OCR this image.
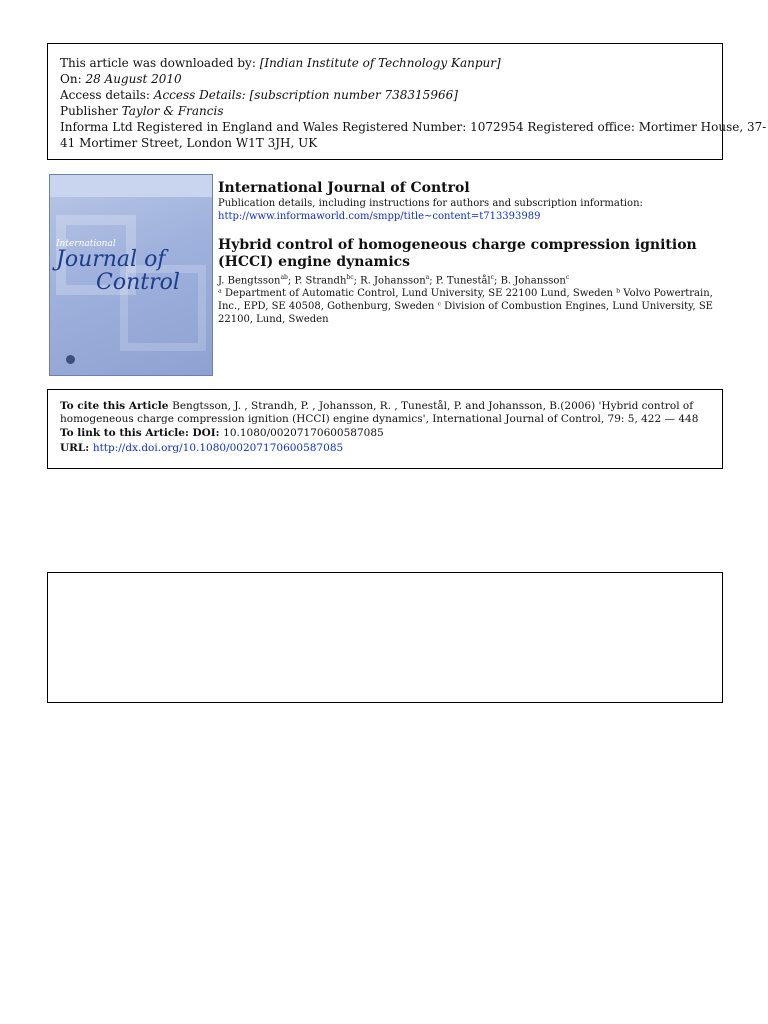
This article was downloaded by: [Indian Institute of Technology Kanpur]
On: 28 August 2010
Access details: Access Details: [subscription number 738315966]
Publisher Taylor & Francis
Informa Ltd Registered in England and Wales Registered Number: 1072954 Registered office: Mortimer House, 37-
41 Mortimer Street, London W1T 3JH, UK
International
Journal of
Control
International Journal of Control
Publication details, including instructions for authors and subscription information:
http://www.informaworld.com/smpp/title~content=t713393989
Hybrid control of homogeneous charge compression ignition (HCCI) engine dynamics
J. Bengtsson$^{ab}$; P. Strandh$^{bc}$; R. Johansson$^a$; P. Tunestål$^c$; B. Johansson$^c$
ᵃ Department of Automatic Control, Lund University, SE 22100 Lund, Sweden ᵇ Volvo Powertrain, Inc., EPD, SE 40508, Gothenburg, Sweden ᶜ Division of Combustion Engines, Lund University, SE 22100, Lund, Sweden
To cite this Article Bengtsson, J. , Strandh, P. , Johansson, R. , Tunestål, P. and Johansson, B.(2006) 'Hybrid control of homogeneous charge compression ignition (HCCI) engine dynamics', International Journal of Control, 79: 5, 422 — 448
To link to this Article: DOI: 10.1080/00207170600587085
URL: http://dx.doi.org/10.1080/00207170600587085
